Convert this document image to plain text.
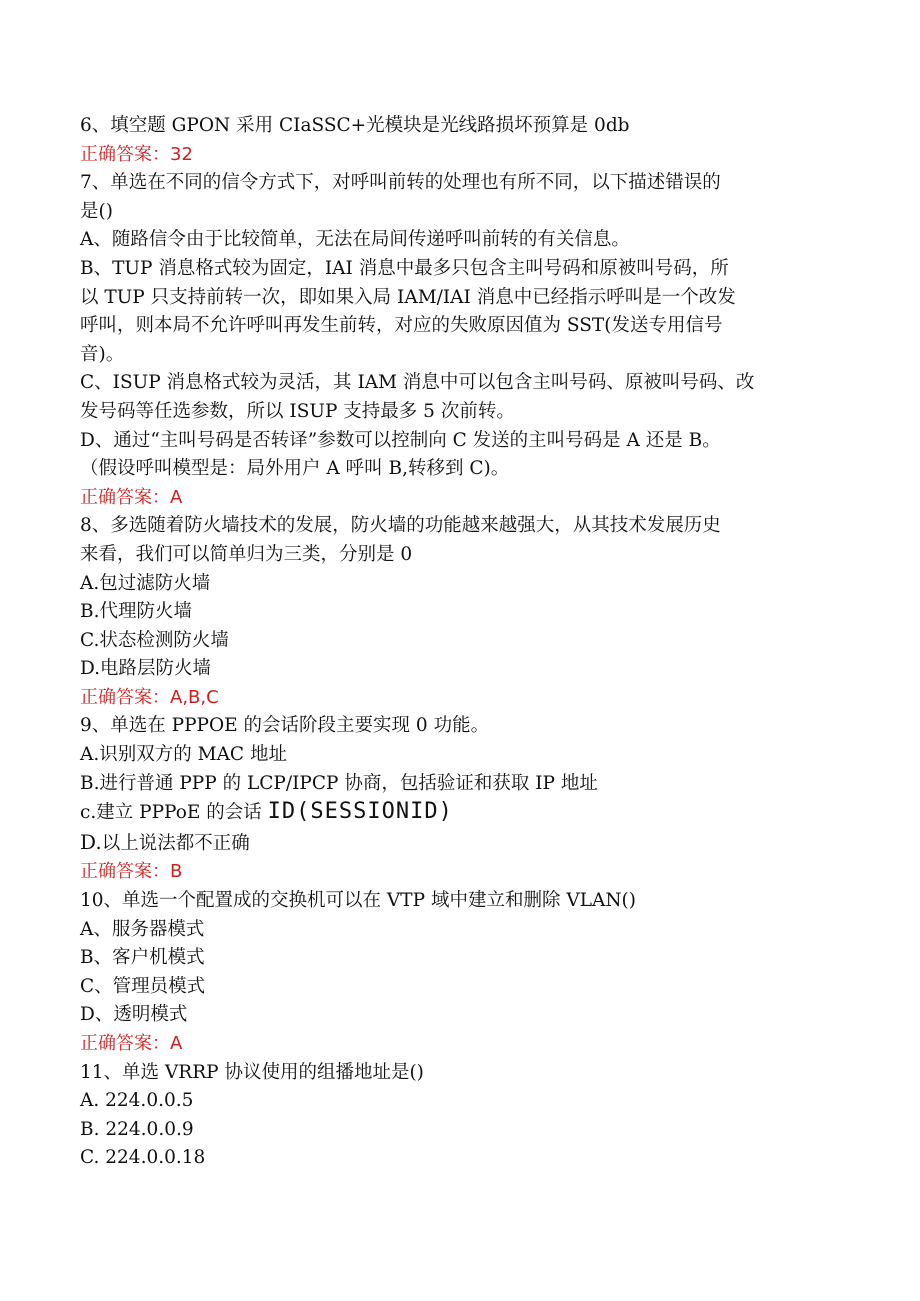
6、填空题 GPON 采用 CIaSSC+光模块是光线路损坏预算是 0db

正确答案：32

7、单选在不同的信令方式下，对呼叫前转的处理也有所不同，以下描述错误的

是()

A、随路信令由于比较简单，无法在局间传递呼叫前转的有关信息。

B、TUP 消息格式较为固定，IAI 消息中最多只包含主叫号码和原被叫号码，所

以 TUP 只支持前转一次，即如果入局 IAM/IAI 消息中已经指示呼叫是一个改发

呼叫，则本局不允许呼叫再发生前转，对应的失败原因值为 SST(发送专用信号

音)。

C、ISUP 消息格式较为灵活，其 IAM 消息中可以包含主叫号码、原被叫号码、改

发号码等任选参数，所以 ISUP 支持最多 5 次前转。

D、通过“主叫号码是否转译”参数可以控制向 C 发送的主叫号码是 A 还是 B。

（假设呼叫模型是：局外用户 A 呼叫 B,转移到 C)。

正确答案：A

8、多选随着防火墙技术的发展，防火墙的功能越来越强大，从其技术发展历史

来看，我们可以简单归为三类，分别是 0

A.包过滤防火墙

B.代理防火墙

C.状态检测防火墙

D.电路层防火墙

正确答案：A,B,C

9、单选在 PPPOE 的会话阶段主要实现 0 功能。

A.识别双方的 MAC 地址

B.进行普通 PPP 的 LCP/IPCP 协商，包括验证和获取 IP 地址

c.建立 PPPoE 的会话 ID(SESSIONID)

D.以上说法都不正确

正确答案：B

10、单选一个配置成的交换机可以在 VTP 域中建立和删除 VLAN()

A、服务器模式

B、客户机模式

C、管理员模式

D、透明模式

正确答案：A

11、单选 VRRP 协议使用的组播地址是()

A. 224.0.0.5

B. 224.0.0.9

C. 224.0.0.18
